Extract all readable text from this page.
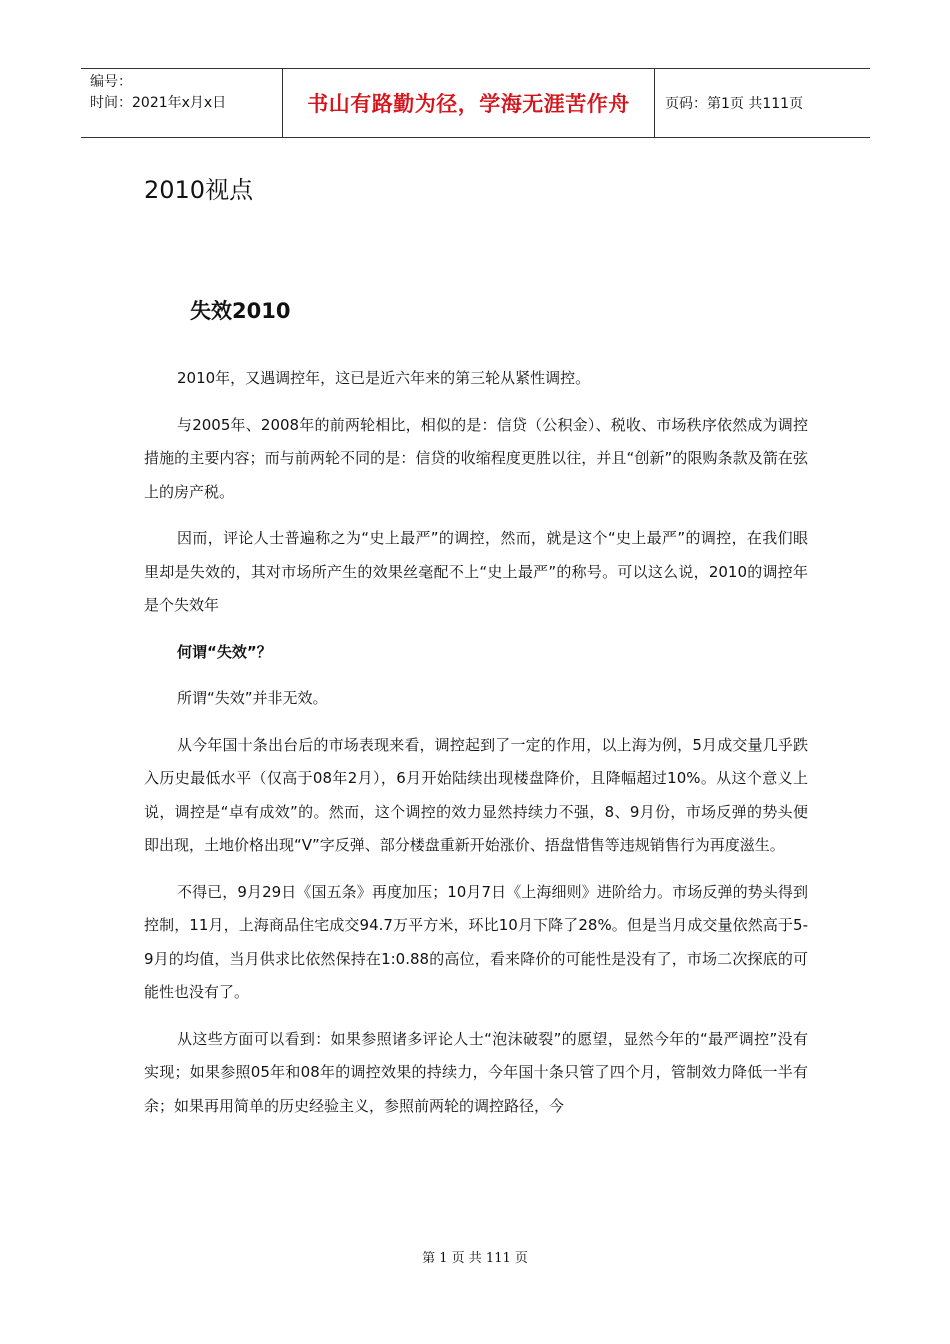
编号：
时间：2021年x月x日	书山有路勤为径，学海无涯苦作舟	页码：第1页 共111页
2010视点
失效2010

2010年，又遇调控年，这已是近六年来的第三轮从紧性调控。

与2005年、2008年的前两轮相比，相似的是：信贷（公积金）、税收、市场秩序依然成为调控措施的主要内容；而与前两轮不同的是：信贷的收缩程度更胜以往，并且“创新”的限购条款及箭在弦上的房产税。

因而，评论人士普遍称之为“史上最严”的调控，然而，就是这个“史上最严”的调控，在我们眼里却是失效的，其对市场所产生的效果丝毫配不上“史上最严”的称号。可以这么说，2010的调控年是个失效年

何谓“失效”？

所谓“失效”并非无效。

从今年国十条出台后的市场表现来看，调控起到了一定的作用，以上海为例，5月成交量几乎跌入历史最低水平（仅高于08年2月），6月开始陆续出现楼盘降价，且降幅超过10%。从这个意义上说，调控是“卓有成效”的。然而，这个调控的效力显然持续力不强，8、9月份，市场反弹的势头便即出现，土地价格出现“V”字反弹、部分楼盘重新开始涨价、捂盘惜售等违规销售行为再度滋生。

不得已，9月29日《国五条》再度加压；10月7日《上海细则》进阶给力。市场反弹的势头得到控制，11月，上海商品住宅成交94.7万平方米，环比10月下降了28%。但是当月成交量依然高于5-9月的均值，当月供求比依然保持在1:0.88的高位，看来降价的可能性是没有了，市场二次探底的可能性也没有了。

从这些方面可以看到：如果参照诸多评论人士“泡沫破裂”的愿望，显然今年的“最严调控”没有实现；如果参照05年和08年的调控效果的持续力，今年国十条只管了四个月，管制效力降低一半有余；如果再用简单的历史经验主义，参照前两轮的调控路径，今

第 1 页 共 111 页
